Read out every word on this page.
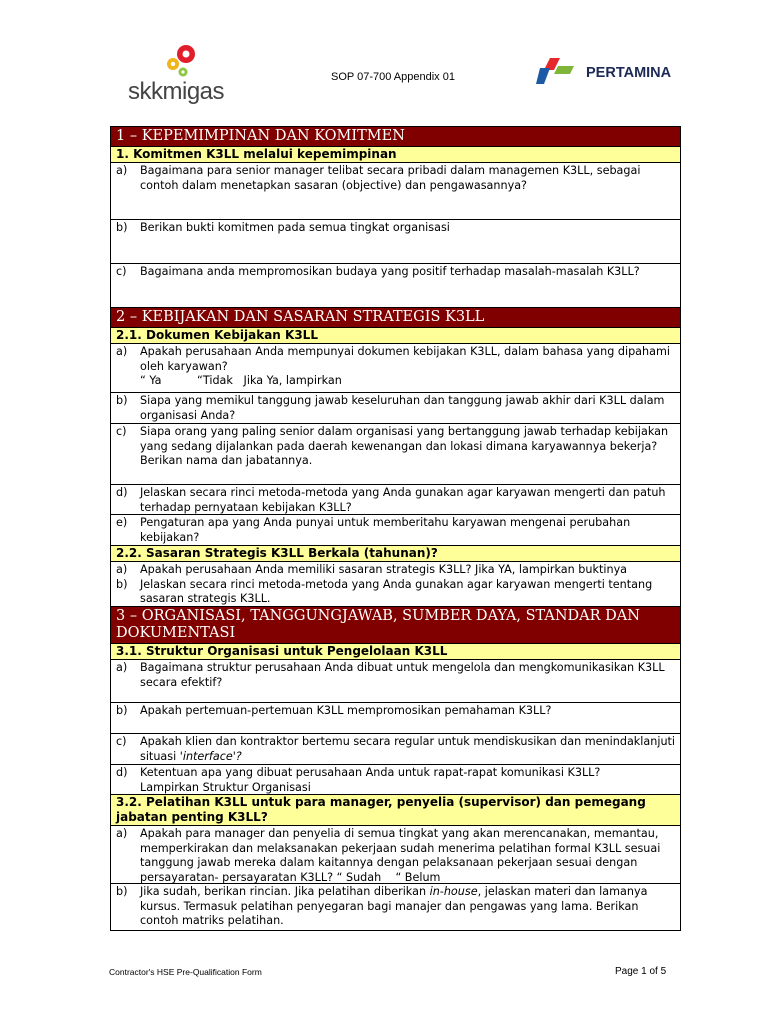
skkmigas
SOP 07-700 Appendix 01	PERTAMINA
1 – KEPEMIMPINAN DAN KOMITMEN
1. Komitmen K3LL melalui kepemimpinan
a) Bagaimana para senior manager telibat secara pribadi dalam managemen K3LL, sebagai contoh dalam menetapkan sasaran (objective) dan pengawasannya?
b) Berikan bukti komitmen pada semua tingkat organisasi
c) Bagaimana anda mempromosikan budaya yang positif terhadap masalah-masalah K3LL?
2 – KEBIJAKAN DAN SASARAN STRATEGIS K3LL
2.1. Dokumen Kebijakan K3LL
a) Apakah perusahaan Anda mempunyai dokumen kebijakan K3LL, dalam bahasa yang dipahami oleh karyawan?
“ Ya          “Tidak   Jika Ya, lampirkan
b) Siapa yang memikul tanggung jawab keseluruhan dan tanggung jawab akhir dari K3LL dalam organisasi Anda?
c) Siapa orang yang paling senior dalam organisasi yang bertanggung jawab terhadap kebijakan yang sedang dijalankan pada daerah kewenangan dan lokasi dimana karyawannya bekerja?
Berikan nama dan jabatannya.
d) Jelaskan secara rinci metoda-metoda yang Anda gunakan agar karyawan mengerti dan patuh terhadap pernyataan kebijakan K3LL?
e) Pengaturan apa yang Anda punyai untuk memberitahu karyawan mengenai perubahan kebijakan?
2.2. Sasaran Strategis K3LL Berkala (tahunan)?
a) Apakah perusahaan Anda memiliki sasaran strategis K3LL? Jika YA, lampirkan buktinya
b) Jelaskan secara rinci metoda-metoda yang Anda gunakan agar karyawan mengerti tentang sasaran strategis K3LL.
3 – ORGANISASI, TANGGUNGJAWAB, SUMBER DAYA, STANDAR DAN DOKUMENTASI
3.1. Struktur Organisasi untuk Pengelolaan K3LL
a) Bagaimana struktur perusahaan Anda dibuat untuk mengelola dan mengkomunikasikan K3LL secara efektif?
b) Apakah pertemuan-pertemuan K3LL mempromosikan pemahaman K3LL?
c) Apakah klien dan kontraktor bertemu secara regular untuk mendiskusikan dan menindaklanjuti situasi 'interface'?
d) Ketentuan apa yang dibuat perusahaan Anda untuk rapat-rapat komunikasi K3LL?
Lampirkan Struktur Organisasi
3.2. Pelatihan K3LL untuk para manager, penyelia (supervisor) dan pemegang jabatan penting K3LL?
a) Apakah para manager dan penyelia di semua tingkat yang akan merencanakan, memantau, memperkirakan dan melaksanakan pekerjaan sudah menerima pelatihan formal K3LL sesuai tanggung jawab mereka dalam kaitannya dengan pelaksanaan pekerjaan sesuai dengan persayaratan- persayaratan K3LL? “ Sudah    “ Belum
b) Jika sudah, berikan rincian. Jika pelatihan diberikan in-house, jelaskan materi dan lamanya kursus. Termasuk pelatihan penyegaran bagi manajer dan pengawas yang lama. Berikan contoh matriks pelatihan.
Contractor's HSE Pre-Qualification Form	Page 1 of 5
